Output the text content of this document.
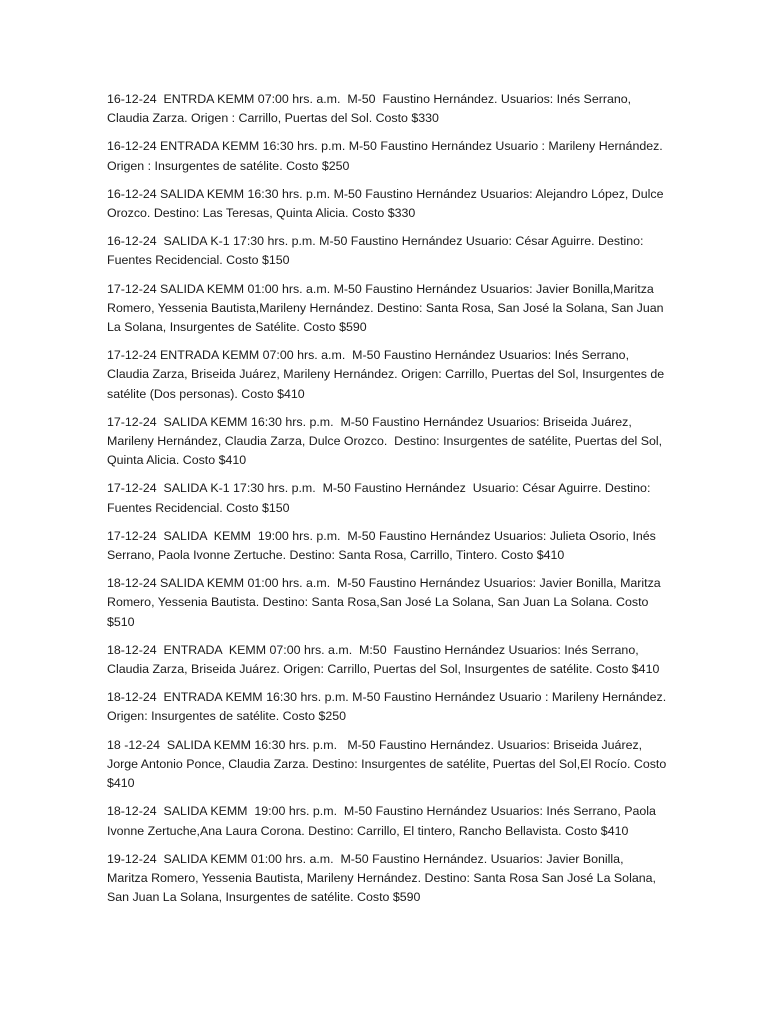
16-12-24  ENTRDA KEMM 07:00 hrs. a.m.  M-50  Faustino Hernández. Usuarios: Inés Serrano, Claudia Zarza. Origen : Carrillo, Puertas del Sol. Costo $330

16-12-24 ENTRADA KEMM 16:30 hrs. p.m. M-50 Faustino Hernández Usuario : Marileny Hernández. Origen : Insurgentes de satélite. Costo $250

16-12-24 SALIDA KEMM 16:30 hrs. p.m. M-50 Faustino Hernández Usuarios: Alejandro López, Dulce Orozco. Destino: Las Teresas, Quinta Alicia. Costo $330

16-12-24  SALIDA K-1 17:30 hrs. p.m. M-50 Faustino Hernández Usuario: César Aguirre. Destino: Fuentes Recidencial. Costo $150

17-12-24 SALIDA KEMM 01:00 hrs. a.m. M-50 Faustino Hernández Usuarios: Javier Bonilla,Maritza Romero, Yessenia Bautista,Marileny Hernández. Destino: Santa Rosa, San José la Solana, San Juan La Solana, Insurgentes de Satélite. Costo $590

17-12-24 ENTRADA KEMM 07:00 hrs. a.m.  M-50 Faustino Hernández Usuarios: Inés Serrano, Claudia Zarza, Briseida Juárez, Marileny Hernández. Origen: Carrillo, Puertas del Sol, Insurgentes de satélite (Dos personas). Costo $410

17-12-24  SALIDA KEMM 16:30 hrs. p.m.  M-50 Faustino Hernández Usuarios: Briseida Juárez, Marileny Hernández, Claudia Zarza, Dulce Orozco.  Destino: Insurgentes de satélite, Puertas del Sol, Quinta Alicia. Costo $410

17-12-24  SALIDA K-1 17:30 hrs. p.m.  M-50 Faustino Hernández  Usuario: César Aguirre. Destino: Fuentes Recidencial. Costo $150

17-12-24  SALIDA  KEMM  19:00 hrs. p.m.  M-50 Faustino Hernández Usuarios: Julieta Osorio, Inés Serrano, Paola Ivonne Zertuche. Destino: Santa Rosa, Carrillo, Tintero. Costo $410

18-12-24 SALIDA KEMM 01:00 hrs. a.m.  M-50 Faustino Hernández Usuarios: Javier Bonilla, Maritza Romero, Yessenia Bautista. Destino: Santa Rosa,San José La Solana, San Juan La Solana. Costo $510

18-12-24  ENTRADA  KEMM 07:00 hrs. a.m.  M:50  Faustino Hernández Usuarios: Inés Serrano, Claudia Zarza, Briseida Juárez. Origen: Carrillo, Puertas del Sol, Insurgentes de satélite. Costo $410

18-12-24  ENTRADA KEMM 16:30 hrs. p.m. M-50 Faustino Hernández Usuario : Marileny Hernández. Origen: Insurgentes de satélite. Costo $250

18 -12-24  SALIDA KEMM 16:30 hrs. p.m.   M-50 Faustino Hernández. Usuarios: Briseida Juárez, Jorge Antonio Ponce, Claudia Zarza. Destino: Insurgentes de satélite, Puertas del Sol,El Rocío. Costo $410

18-12-24  SALIDA KEMM  19:00 hrs. p.m.  M-50 Faustino Hernández Usuarios: Inés Serrano, Paola Ivonne Zertuche,Ana Laura Corona. Destino: Carrillo, El tintero, Rancho Bellavista. Costo $410

19-12-24  SALIDA KEMM 01:00 hrs. a.m.  M-50 Faustino Hernández. Usuarios: Javier Bonilla, Maritza Romero, Yessenia Bautista, Marileny Hernández. Destino: Santa Rosa San José La Solana, San Juan La Solana, Insurgentes de satélite. Costo $590
